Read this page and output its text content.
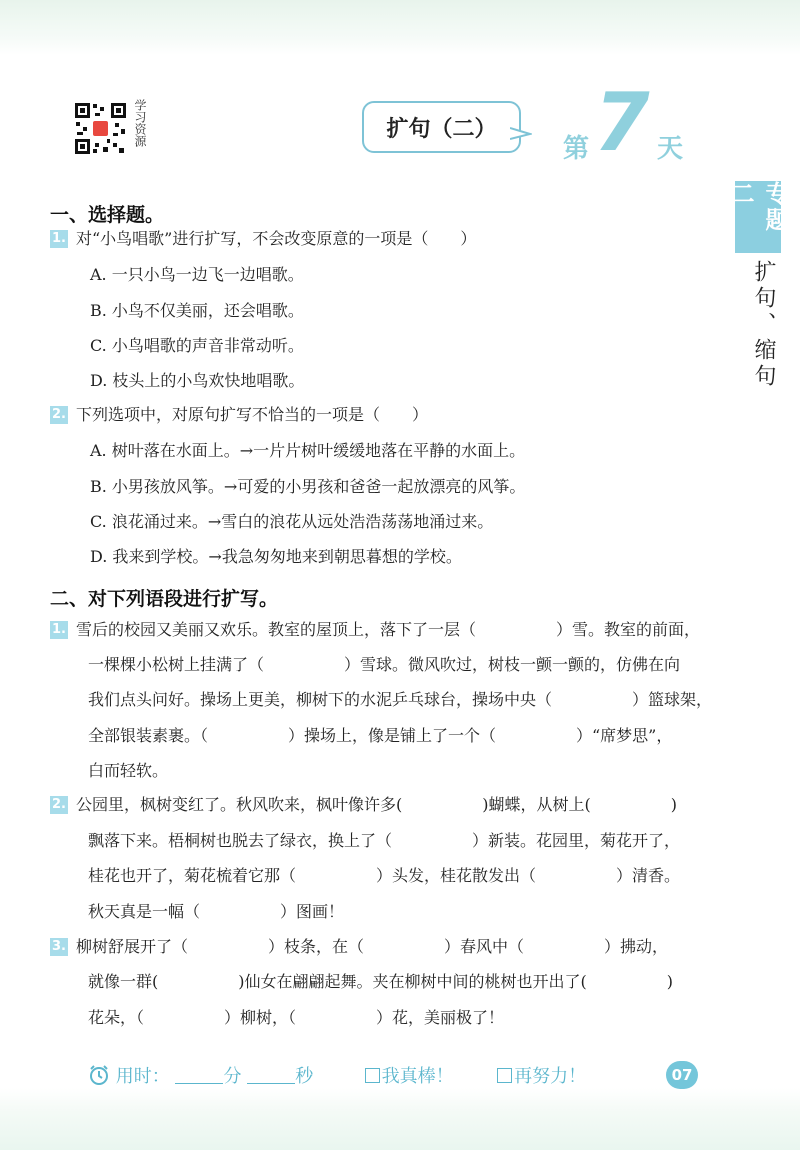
学习资源	扩句（二）
第 7 天
专题二
扩句、缩句
一、选择题。
1. 对“小鸟唱歌”进行扩写，不会改变原意的一项是（　　）
A. 一只小鸟一边飞一边唱歌。
B. 小鸟不仅美丽，还会唱歌。
C. 小鸟唱歌的声音非常动听。
D. 枝头上的小鸟欢快地唱歌。
2. 下列选项中，对原句扩写不恰当的一项是（　　）
A. 树叶落在水面上。→一片片树叶缓缓地落在平静的水面上。
B. 小男孩放风筝。→可爱的小男孩和爸爸一起放漂亮的风筝。
C. 浪花涌过来。→雪白的浪花从远处浩浩荡荡地涌过来。
D. 我来到学校。→我急匆匆地来到朝思暮想的学校。
二、对下列语段进行扩写。
1. 雪后的校园又美丽又欢乐。教室的屋顶上，落下了一层（　　　　　）雪。教室的前面，
一棵棵小松树上挂满了（　　　　　）雪球。微风吹过，树枝一颤一颤的，仿佛在向
我们点头问好。操场上更美，柳树下的水泥乒乓球台，操场中央（　　　　　）篮球架，
全部银装素裹。（　　　　　）操场上，像是铺上了一个（　　　　　）“席梦思”，
白而轻软。
2. 公园里，枫树变红了。秋风吹来，枫叶像许多(　　　　　)蝴蝶，从树上(　　　　　)
飘落下来。梧桐树也脱去了绿衣，换上了（　　　　　）新装。花园里，菊花开了，
桂花也开了，菊花梳着它那（　　　　　）头发，桂花散发出（　　　　　）清香。
秋天真是一幅（　　　　　）图画！
3. 柳树舒展开了（　　　　　）枝条，在（　　　　　）春风中（　　　　　）拂动，
就像一群(　　　　　)仙女在翩翩起舞。夹在柳树中间的桃树也开出了(　　　　　)
花朵，（　　　　　）柳树，（　　　　　）花，美丽极了！
用时：	分	秒	我真棒！	再努力！	07
